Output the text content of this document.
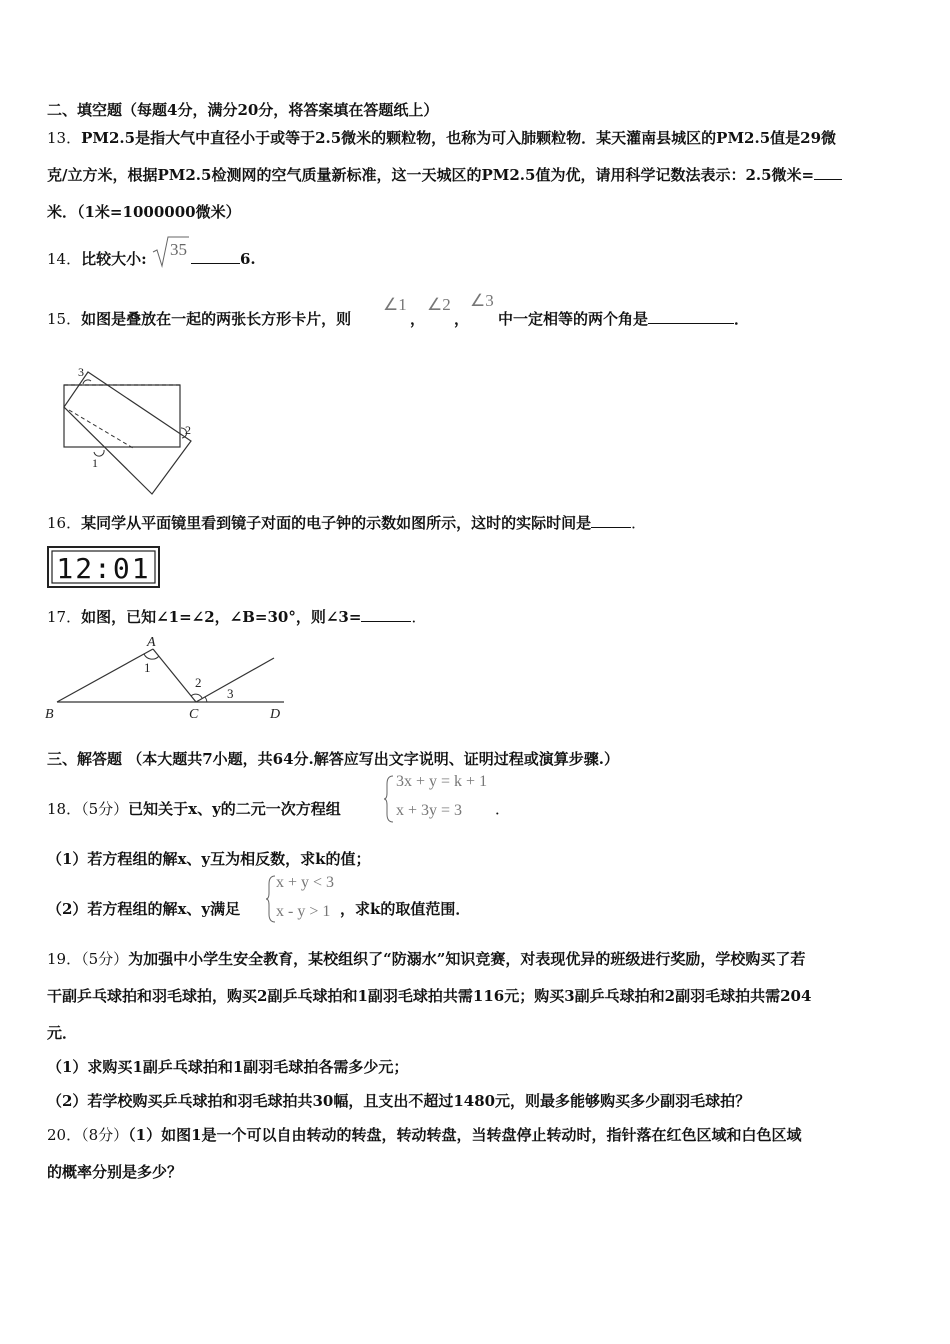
二、填空题（每题4分，满分20分，将答案填在答题纸上）
13．PM2.5是指大气中直径小于或等于2.5微米的颗粒物，也称为可入肺颗粒物．某天灌南县城区的PM2.5值是29微
克/立方米，根据PM2.5检测网的空气质量新标准，这一天城区的PM2.5值为优，请用科学记数法表示：2.5微米=
米．（1米=1000000微米）
14．比较大小: 35	6.
15．如图是叠放在一起的两张长方形卡片，则
∠1
，
∠2
，
∠3
中一定相等的两个角是	．
3
2
1
16．某同学从平面镜里看到镜子对面的电子钟的示数如图所示，这时的实际时间是	．
12:01
17．如图，已知∠1=∠2，∠B=30°，则∠3=	．
A
1
2
3
B	C	D
三、解答题 （本大题共7小题，共64分.解答应写出文字说明、证明过程或演算步骤.）
18．（5分）已知关于x、y的二元一次方程组
3x + y = k + 1
x + 3y = 3 ．
（1）若方程组的解x、y互为相反数，求k的值；
（2）若方程组的解x、y满足
x + y < 3
x - y > 1 ，求k的取值范围．
19．（5分）为加强中小学生安全教育，某校组织了“防溺水”知识竞赛，对表现优异的班级进行奖励，学校购买了若
干副乒乓球拍和羽毛球拍，购买2副乒乓球拍和1副羽毛球拍共需116元；购买3副乒乓球拍和2副羽毛球拍共需204
元．
（1）求购买1副乒乓球拍和1副羽毛球拍各需多少元；
（2）若学校购买乒乓球拍和羽毛球拍共30幅，且支出不超过1480元，则最多能够购买多少副羽毛球拍？
20．（8分）（1）如图1是一个可以自由转动的转盘，转动转盘，当转盘停止转动时，指针落在红色区域和白色区域
的概率分别是多少？
